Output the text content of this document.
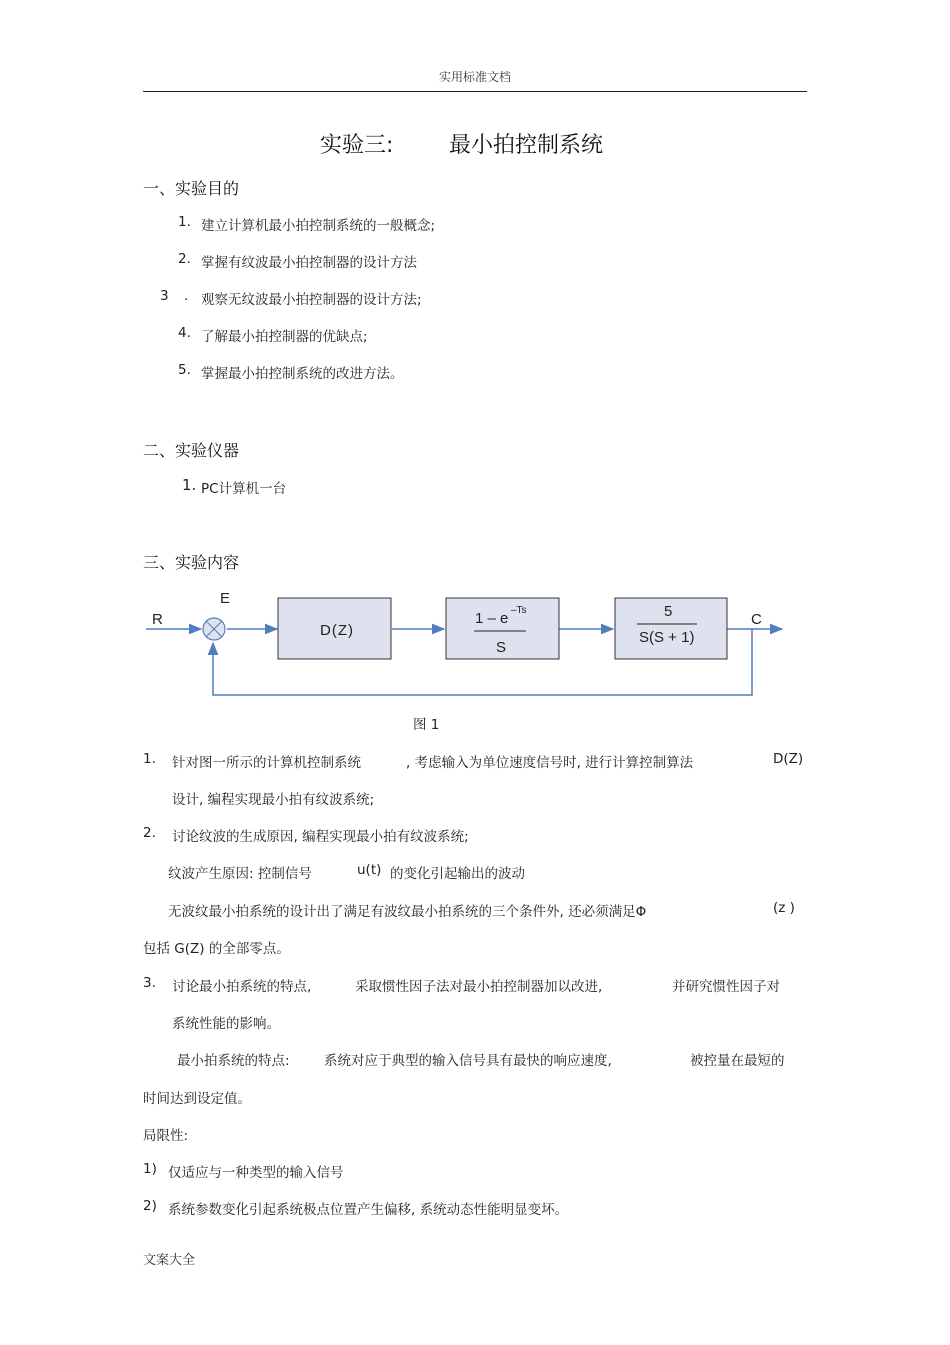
实用标准文档
实验三:	最小拍控制系统
一、实验目的
1. 建立计算机最小拍控制系统的一般概念;
2. 掌握有纹波最小拍控制器的设计方法
3 . 观察无纹波最小拍控制器的设计方法;
4. 了解最小拍控制器的优缺点;
5. 掌握最小拍控制系统的改进方法。
二、实验仪器
1. PC计算机一台
三、实验内容
R
E
C
D(Z)
1 – e –Ts
S
5
S(S + 1)
图 1
1. 针对图一所示的计算机控制系统	, 考虑输入为单位速度信号时, 进行计算控制算法	D(Z)
设计, 编程实现最小拍有纹波系统;
2. 讨论纹波的生成原因, 编程实现最小拍有纹波系统;
纹波产生原因: 控制信号	u(t) 的变化引起输出的波动
无波纹最小拍系统的设计出了满足有波纹最小拍系统的三个条件外, 还必须满足Φ	(z )
包括 G(Z) 的全部零点。
3. 讨论最小拍系统的特点,	采取惯性因子法对最小拍控制器加以改进,	并研究惯性因子对
系统性能的影响。
最小拍系统的特点:	系统对应于典型的输入信号具有最快的响应速度,	被控量在最短的
时间达到设定值。
局限性:
1) 仅适应与一种类型的输入信号
2) 系统参数变化引起系统极点位置产生偏移, 系统动态性能明显变坏。
文案大全
